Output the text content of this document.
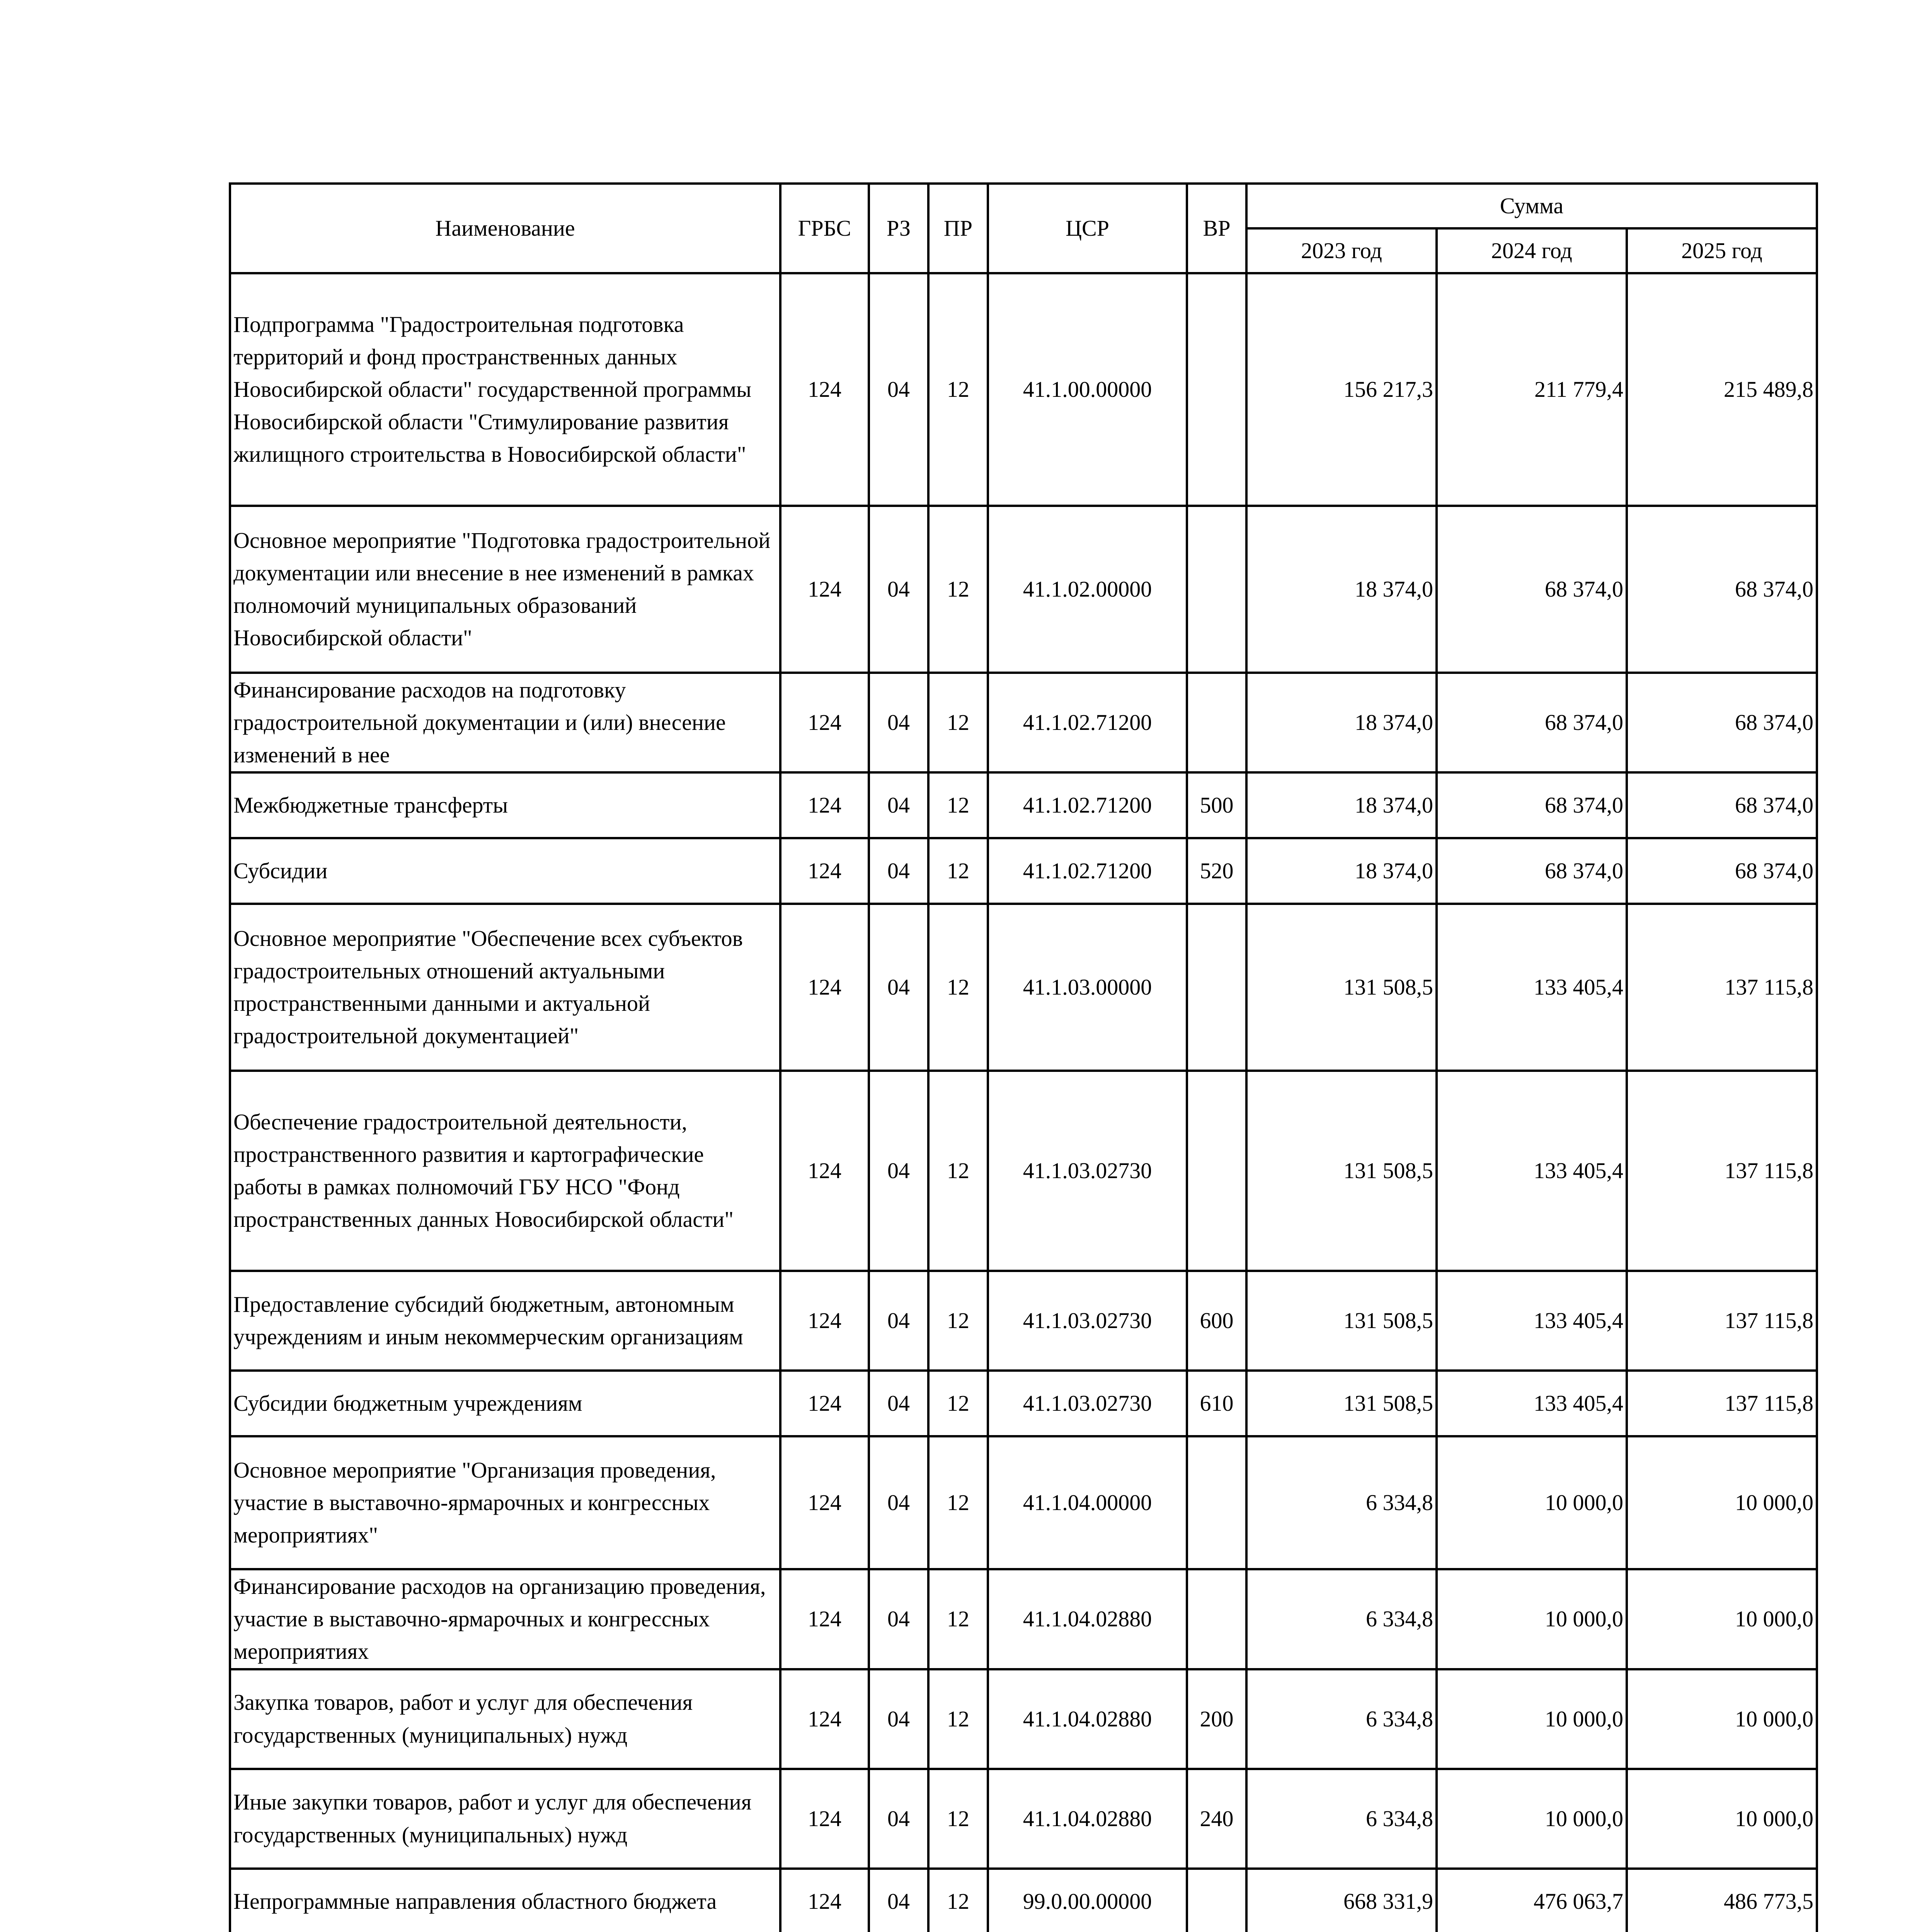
Наименование	ГРБС	РЗ	ПР	ЦСР	ВР	Сумма		
						2023 год	2024 год	2025 год
Подпрограмма "Градостроительная подготовка территорий и фонд пространственных данных Новосибирской области" государственной программы Новосибирской области "Стимулирование развития жилищного строительства в Новосибирской области"	124	04	12	41.1.00.00000		156 217,3	211 779,4	215 489,8
Основное мероприятие "Подготовка градостроительной документации или внесение в нее изменений в рамках полномочий муниципальных образований Новосибирской области"	124	04	12	41.1.02.00000		18 374,0	68 374,0	68 374,0
Финансирование расходов на подготовку градостроительной документации и (или) внесение изменений в нее	124	04	12	41.1.02.71200		18 374,0	68 374,0	68 374,0
Межбюджетные трансферты	124	04	12	41.1.02.71200	500	18 374,0	68 374,0	68 374,0
Субсидии	124	04	12	41.1.02.71200	520	18 374,0	68 374,0	68 374,0
Основное мероприятие "Обеспечение всех субъектов градостроительных отношений актуальными пространственными данными и актуальной градостроительной документацией"	124	04	12	41.1.03.00000		131 508,5	133 405,4	137 115,8
Обеспечение градостроительной деятельности, пространственного развития и картографические работы в рамках полномочий ГБУ НСО "Фонд пространственных данных Новосибирской области"	124	04	12	41.1.03.02730		131 508,5	133 405,4	137 115,8
Предоставление субсидий бюджетным, автономным учреждениям и иным некоммерческим организациям	124	04	12	41.1.03.02730	600	131 508,5	133 405,4	137 115,8
Субсидии бюджетным учреждениям	124	04	12	41.1.03.02730	610	131 508,5	133 405,4	137 115,8
Основное мероприятие "Организация проведения, участие в выставочно-ярмарочных и конгрессных мероприятиях"	124	04	12	41.1.04.00000		6 334,8	10 000,0	10 000,0
Финансирование расходов на организацию проведения, участие в выставочно-ярмарочных и конгрессных мероприятиях	124	04	12	41.1.04.02880		6 334,8	10 000,0	10 000,0
Закупка товаров, работ и услуг для обеспечения государственных (муниципальных) нужд	124	04	12	41.1.04.02880	200	6 334,8	10 000,0	10 000,0
Иные закупки товаров, работ и услуг для обеспечения государственных (муниципальных) нужд	124	04	12	41.1.04.02880	240	6 334,8	10 000,0	10 000,0
Непрограммные направления областного бюджета	124	04	12	99.0.00.00000		668 331,9	476 063,7	486 773,5
